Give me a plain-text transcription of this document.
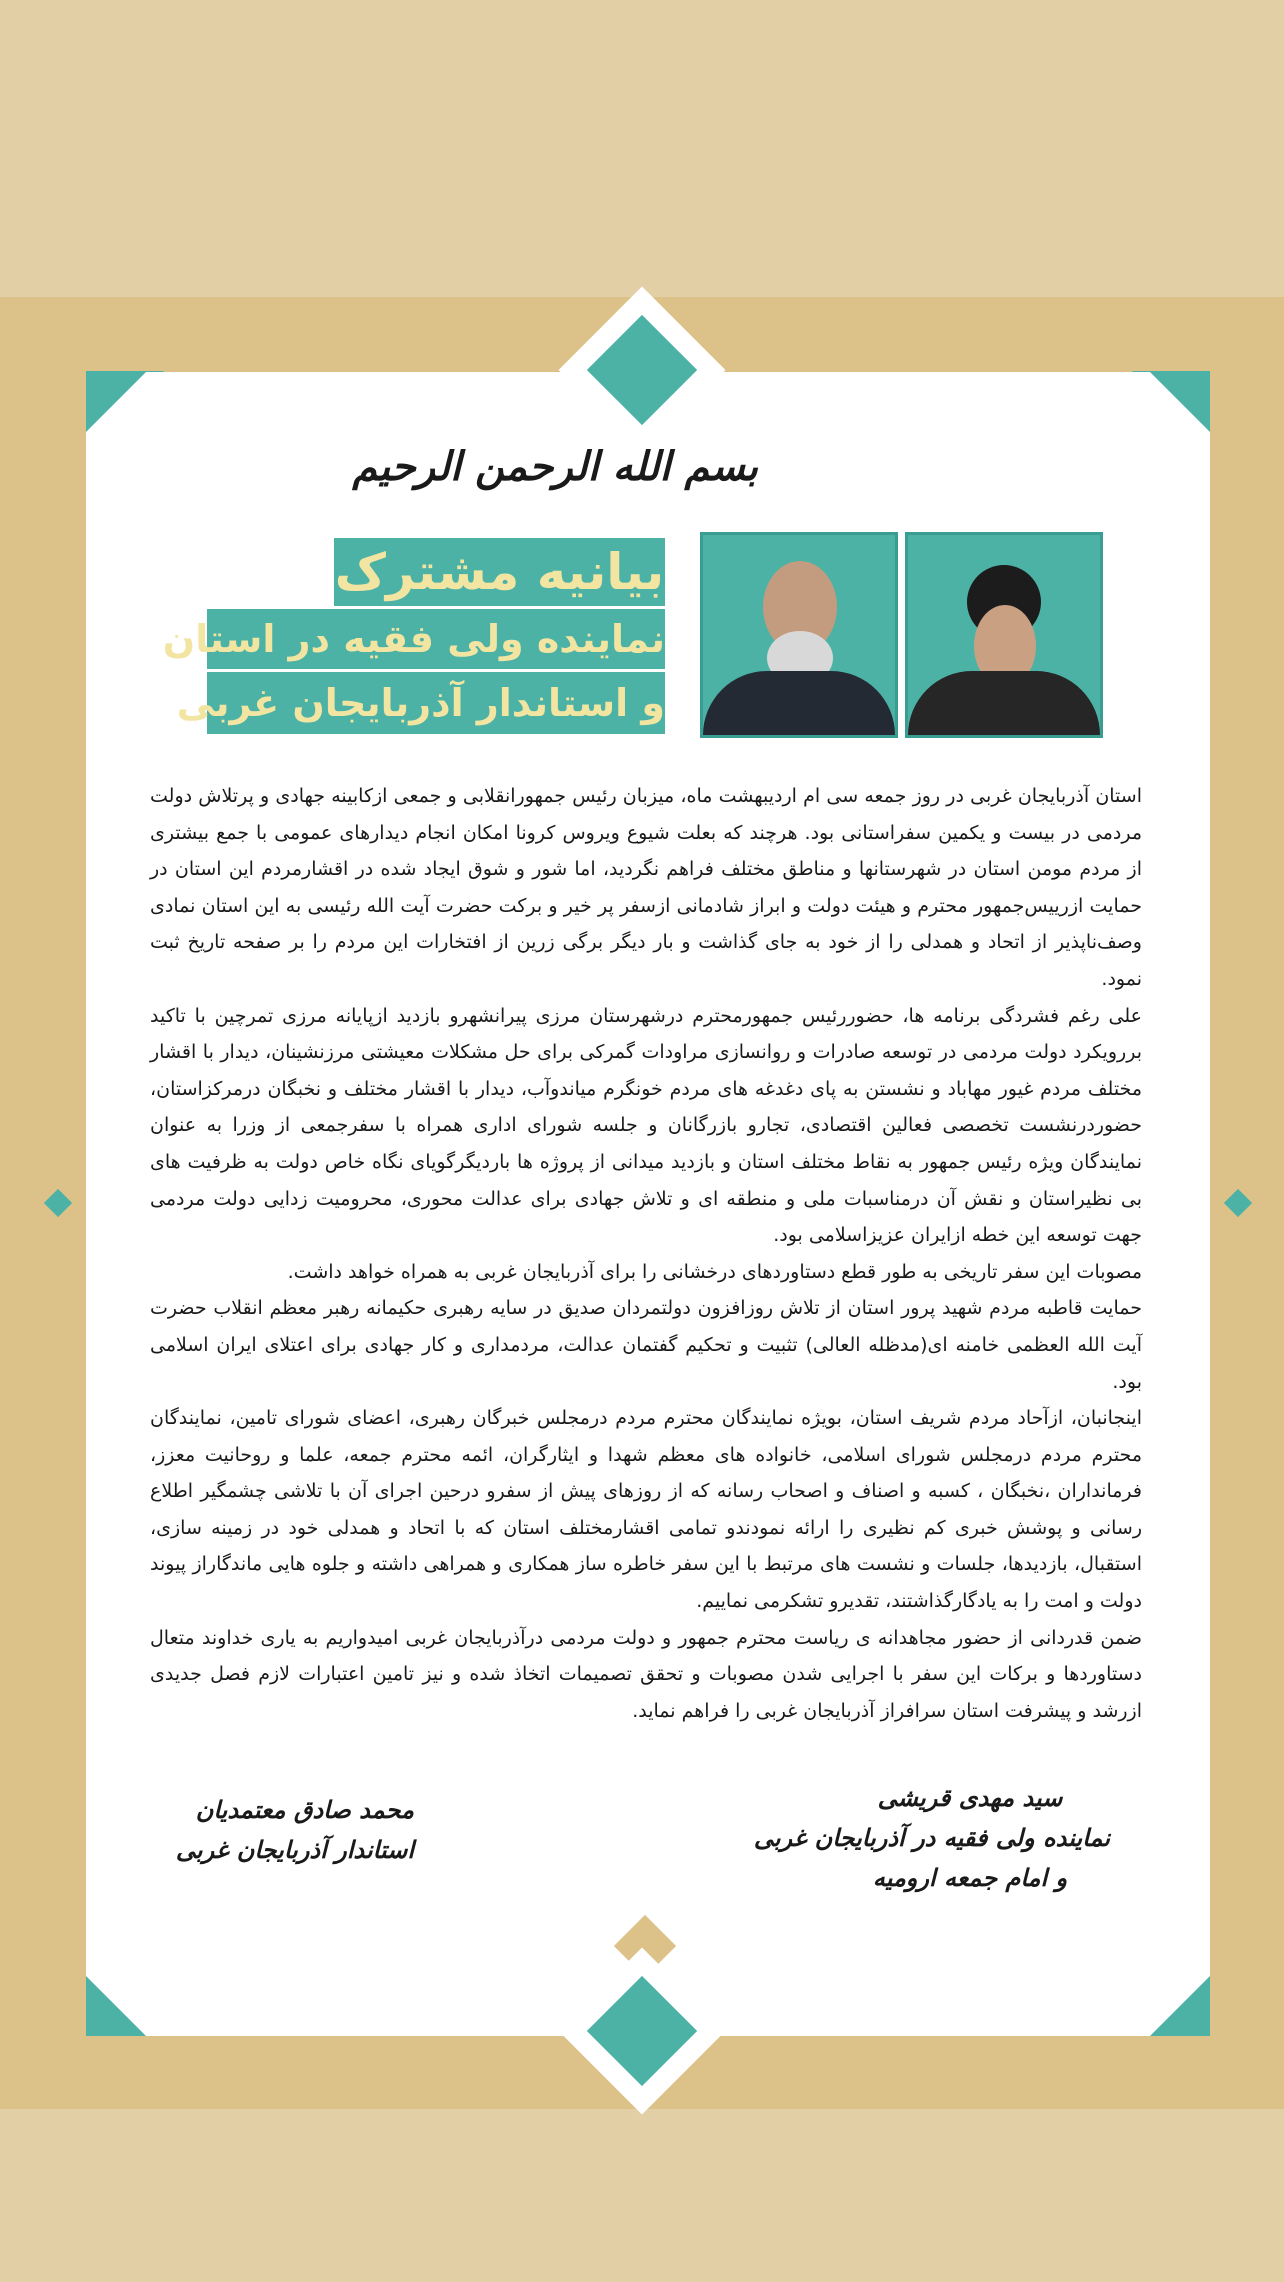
بسم الله الرحمن الرحیم
بیانیه مشترک
نماینده ولی فقیه در استان
و استاندار آذربایجان غربی

استان آذربایجان غربی در روز جمعه سی ام اردیبهشت ماه، میزبان رئیس جمهورانقلابی و جمعی ازکابینه جهادی و پرتلاش دولت مردمی در بیست و یکمین سفراستانی بود. هرچند که بعلت شیوع ویروس کرونا امکان انجام دیدارهای عمومی با جمع بیشتری از مردم مومن استان در شهرستانها و مناطق مختلف فراهم نگردید، اما شور و شوق ایجاد شده در اقشارمردم این استان در حمایت ازرییس‌جمهور محترم و هیئت دولت و ابراز شادمانی ازسفر پر خیر و برکت حضرت آیت الله رئیسی به این استان نمادی وصف‌ناپذیر از اتحاد و همدلی را از خود به جای گذاشت و بار دیگر برگی زرین از افتخارات این مردم را بر صفحه تاریخ ثبت نمود.

علی رغم فشردگی برنامه ها، حضوررئیس جمهورمحترم درشهرستان مرزی پیرانشهرو بازدید ازپایانه مرزی تمرچین با تاکید بررویکرد دولت مردمی در توسعه صادرات و روانسازی مراودات گمرکی برای حل مشکلات معیشتی مرزنشینان، دیدار با اقشار مختلف مردم غیور مهاباد و نشستن به پای دغدغه های مردم خونگرم میاندوآب، دیدار با اقشار مختلف و نخبگان درمرکزاستان، حضوردرنشست تخصصی فعالین اقتصادی، تجارو بازرگانان و جلسه شورای اداری همراه با سفرجمعی از وزرا به عنوان نمایندگان ویژه رئیس جمهور به نقاط مختلف استان و بازدید میدانی از پروژه ها باردیگرگویای نگاه خاص دولت به ظرفیت های بی نظیراستان و نقش آن درمناسبات ملی و منطقه ای و تلاش جهادی برای عدالت محوری، محرومیت زدایی دولت مردمی جهت توسعه این خطه ازایران عزیزاسلامی بود.

مصوبات این سفر تاریخی به طور قطع دستاوردهای درخشانی را برای آذربایجان غربی به همراه خواهد داشت.

حمایت قاطبه مردم شهید پرور استان از تلاش روزافزون دولتمردان صدیق در سایه رهبری حکیمانه رهبر معظم انقلاب حضرت آیت الله العظمی خامنه ای(مدظله العالی) تثبیت و تحکیم گفتمان عدالت، مردمداری و کار جهادی برای اعتلای ایران اسلامی بود.

اینجانبان، ازآحاد مردم شریف استان، بویژه نمایندگان محترم مردم درمجلس خبرگان رهبری، اعضای شورای تامین، نمایندگان محترم مردم درمجلس شورای اسلامی، خانواده های معظم شهدا و ایثارگران، ائمه محترم جمعه، علما و روحانیت معزز، فرمانداران ،نخبگان ، کسبه و اصناف و اصحاب رسانه که از روزهای پیش از سفرو درحین اجرای آن با تلاشی چشمگیر اطلاع رسانی و پوشش خبری کم نظیری را ارائه نمودندو تمامی اقشارمختلف استان که با اتحاد و همدلی خود در زمینه سازی، استقبال، بازدیدها، جلسات و نشست های مرتبط با این سفر خاطره ساز همکاری و همراهی داشته و جلوه هایی ماندگاراز پیوند دولت و امت را به یادگارگذاشتند، تقدیرو تشکرمی نماییم.

ضمن قدردانی از حضور مجاهدانه ی ریاست محترم جمهور و دولت مردمی درآذربایجان غربی امیدواریم به یاری خداوند متعال دستاوردها و برکات این سفر با اجرایی شدن مصوبات و تحقق تصمیمات اتخاذ شده و نیز تامین اعتبارات لازم فصل جدیدی ازرشد و پیشرفت استان سرافراز آذربایجان غربی را فراهم نماید.

سید مهدی قریشی
نماینده ولی فقیه در آذربایجان غربی
و امام جمعه ارومیه
محمد صادق معتمدیان
استاندار آذربایجان غربی
